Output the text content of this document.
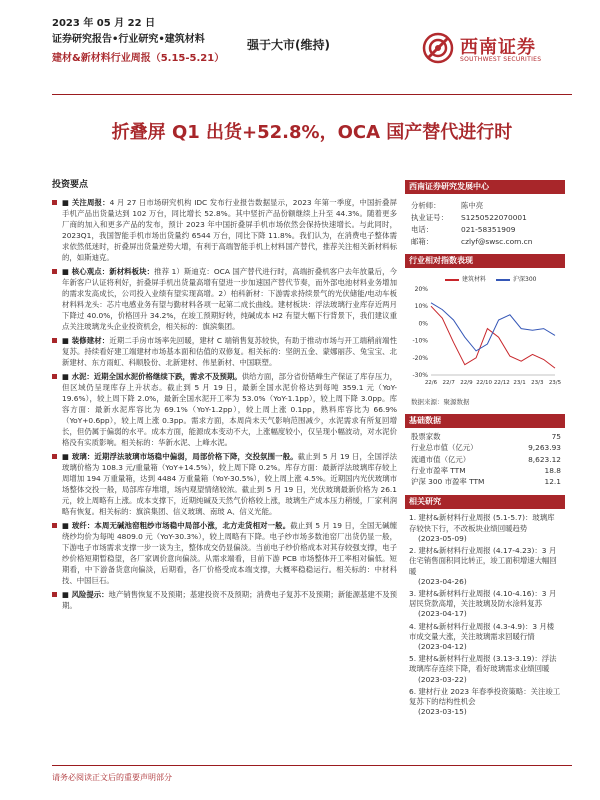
2023 年 05 月 22 日
证券研究报告•行业研究•建筑材料
建材&新材料行业周报（5.15-5.21）
强于大市(维持)	西南证券
SOUTHWEST SECURITIES
折叠屏 Q1 出货+52.8%，OCA 国产替代进行时
投资要点
■ 关注周报：4 月 27 日市场研究机构 IDC 发布行业报告数据显示，2023 年第一季度，中国折叠屏手机产品出货量达到 102 万台，同比增长 52.8%。其中竖折产品份额继续上升至 44.3%。随着更多厂商的加入和更多产品的发布，预计 2023 年中国折叠屏手机市场依然会保持快速增长。与此同时，2023Q1，我国智能手机市场出货量约 6544 万台，同比下降 11.8%。我们认为，在消费电子整体需求依然低迷时，折叠屏出货量逆势大增，有利于高端智能手机上材料国产替代，推荐关注相关新材料标的，如斯迪克。
■ 核心观点：新材料板块：推荐 1）斯迪克：OCA 国产替代进行时，高端折叠机客户去年放量后，今年新客户认证将利好，折叠屏手机出货量高增有望进一步加速国产替代节奏，而外部电池材料业务增加的需求发高成长，公司投入业绩有望实现高增。2）柏科新材：下游需求持续景气的光伏储能/电动车板材料料龙头：芯片电感业务有望与勤材料各项一起第二成长曲线。建材板块：浮法玻璃行业库存近两月下降过 40.0%，价格回升 34.2%，在竣工预期好转，纯碱成本 H2 有望大幅下行背景下，我们建议重点关注玻璃龙头企业投资机会，相关标的：旗滨集团。
■ 装修建材：近期二手房市场率先回暖，建材 C 端销售复苏较快，有助于推动市场与开工端稍前端性复苏。持续看好建工端建材市场基本面和估值的双修复。相关标的：坚朗五金、蒙娜丽莎、兔宝宝、北新建材、东方雨虹、科顺股份、北新建材、伟星新材、中国联塑。
■ 水泥：近期全国水泥价格继续下跌，需求不及预期。供给方面，部分省份错峰生产保证了库存压力，但区域仍呈现库存上升状态。截止到 5 月 19 日，最新全国水泥价格达到每吨 359.1 元（YoY-19.6%），较上周下降 2.0%，最新全国水泥开工率为 53.0%（YoY-1.1pp），较上周下降 3.0pp。库容方面：最新水泥库容比为 69.1%（YoY-1.2pp），较上周上涨 0.1pp，熟料库容比为 66.9%（YoY+0.6pp），较上周上涨 0.3pp。需求方面，本周尚未天气影响范围减少，水泥需求有所复回增长，但仍属于偏弱的水平。成本方面，能源成本变动不大，上涨幅度较小，仅呈现小幅波动，对水泥价格没有实质影响。相关标的：华新水泥、上峰水泥。
■ 玻璃：近期浮法玻璃市场稳中偏弱，局部价格下降，交投氛围一般。截止到 5 月 19 日，全国浮法玻璃价格为 108.3 元/重量箱（YoY+14.5%），较上周下降 0.2%。库存方面：最新浮法玻璃库存较上周增加 194 万重量箱，达到 4484 万重量箱（YoY-30.5%），较上周上涨 4.5%。近期国内光伏玻璃市场整体交投一般，局部库存堆增，场内观望情绪较浓。截止到 5 月 19 日，光伏玻璃最新价格为 26.1 元，较上周略有上涨。成本支撑下，近期纯碱及天然气价格较上涨，玻璃生产成本压力稍缓，厂家利润略有恢复。相关标的：旗滨集团、信义玻璃、南玻 A、信义光能。
■ 玻纤：本周无碱池窑粗纱市场稳中局部小涨，北方走货相对一般。截止到 5 月 19 日，全国无碱缠绕纱均价为每吨 4809.0 元（YoY-30.3%），较上周略有下降。电子纱市场多数池窑厂出货仍显一般，下游电子市场需求支撑一步一谈为主，整体成交仍显偏淡。当前电子纱价格成本对其存较强支撑，电子纱价格短期暂稳望，各厂家调价意向偏淡。从需求端看，目前下游 PCB 市场整体开工率相对偏低。短期看，中下游备货意向偏淡，后期看，各厂价格受成本端支撑，大概率稳稳运行。相关标的：中材科技、中国巨石。
■ 风险提示：地产销售恢复不及预期；基建投资不及预期；消费电子复苏不及预期；新能源基建不及预期。
西南证券研究发展中心
分析师：	陈中亮
执业证号：	S1250522070001
电话：	021-58351909
邮箱：	czlyf@swsc.com.cn
行业相对指数表现
建筑材料	沪深300
20%
10%
0%
-10%
-20%
-30%
22/6 22/7 22/9 22/10 22/12 23/1 23/3 23/5
数据来源：聚源数据
基础数据
股票家数	75
行业总市值（亿元）	9,263.93
流通市值（亿元）	8,623.12
行业市盈率 TTM	18.8
沪深 300 市盈率 TTM	12.1
相关研究
1. 建材&新材料行业周报 (5.1-5.7)：玻璃库存较快下行，不改板块业绩回暖趋势
(2023-05-09)
2. 建材&新材料行业周报 (4.17-4.23)：3 月住宅销售面积同比转正，竣工面积增速大幅回暖
(2023-04-26)
3. 建材&新材料行业周报 (4.10-4.16)：3 月居民贷款高增，关注玻璃及防水涂料复苏
(2023-04-17)
4. 建材&新材料行业周报 (4.3-4.9)：3 月楼市成交量大涨，关注玻璃需求回暖行情
(2023-04-12)
5. 建材&新材料行业周报 (3.13-3.19)：浮法玻璃库存连续下降，看好玻璃需求业绩回暖
(2023-03-22)
6. 建材行业 2023 年春季投资策略：关注竣工复苏下的结构性机会
(2023-03-15)
请务必阅读正文后的重要声明部分
